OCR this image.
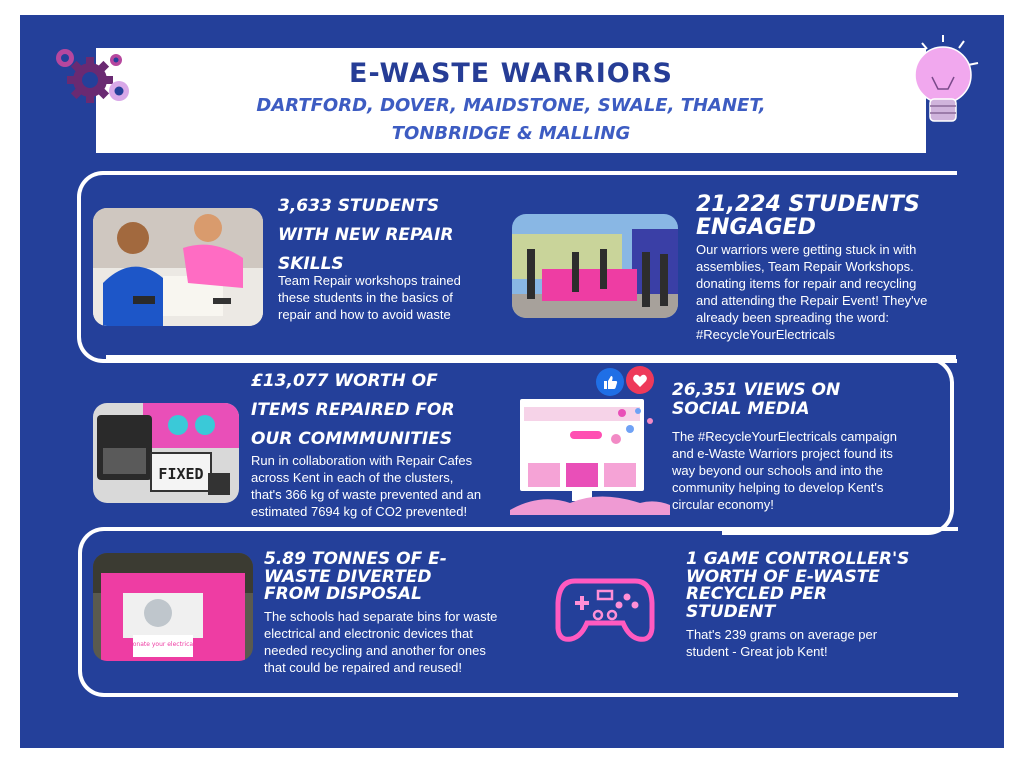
E-WASTE WARRIORS
DARTFORD, DOVER, MAIDSTONE, SWALE, THANET,
TONBRIDGE & MALLING
3,633 STUDENTS
WITH NEW REPAIR
SKILLS
Team Repair workshops trained
these students in the basics of
repair and how to avoid waste
21,224 STUDENTS
ENGAGED
Our warriors were getting stuck in with
assemblies, Team Repair Workshops.
donating items for repair and recycling
and attending the Repair Event! They've
already been spreading the word:
#RecycleYourElectricals
FIXED
£13,077 WORTH OF
ITEMS REPAIRED FOR
OUR COMMMUNITIES
Run in collaboration with Repair Cafes
across Kent in each of the clusters,
that's 366 kg of waste prevented and an
estimated 7694 kg of CO2 prevented!
26,351 VIEWS ON
SOCIAL MEDIA
The #RecycleYourElectricals campaign
and e-Waste Warriors project found its
way beyond our schools and into the
community helping to develop Kent's
circular economy!
Donate your electricals
5.89 TONNES OF E-
WASTE DIVERTED
FROM DISPOSAL
The schools had separate bins for waste
electrical and electronic devices that
needed recycling and another for ones
that could be repaired and reused!
1 GAME CONTROLLER'S
WORTH OF E-WASTE
RECYCLED PER
STUDENT
That's 239 grams on average per
student - Great job Kent!
